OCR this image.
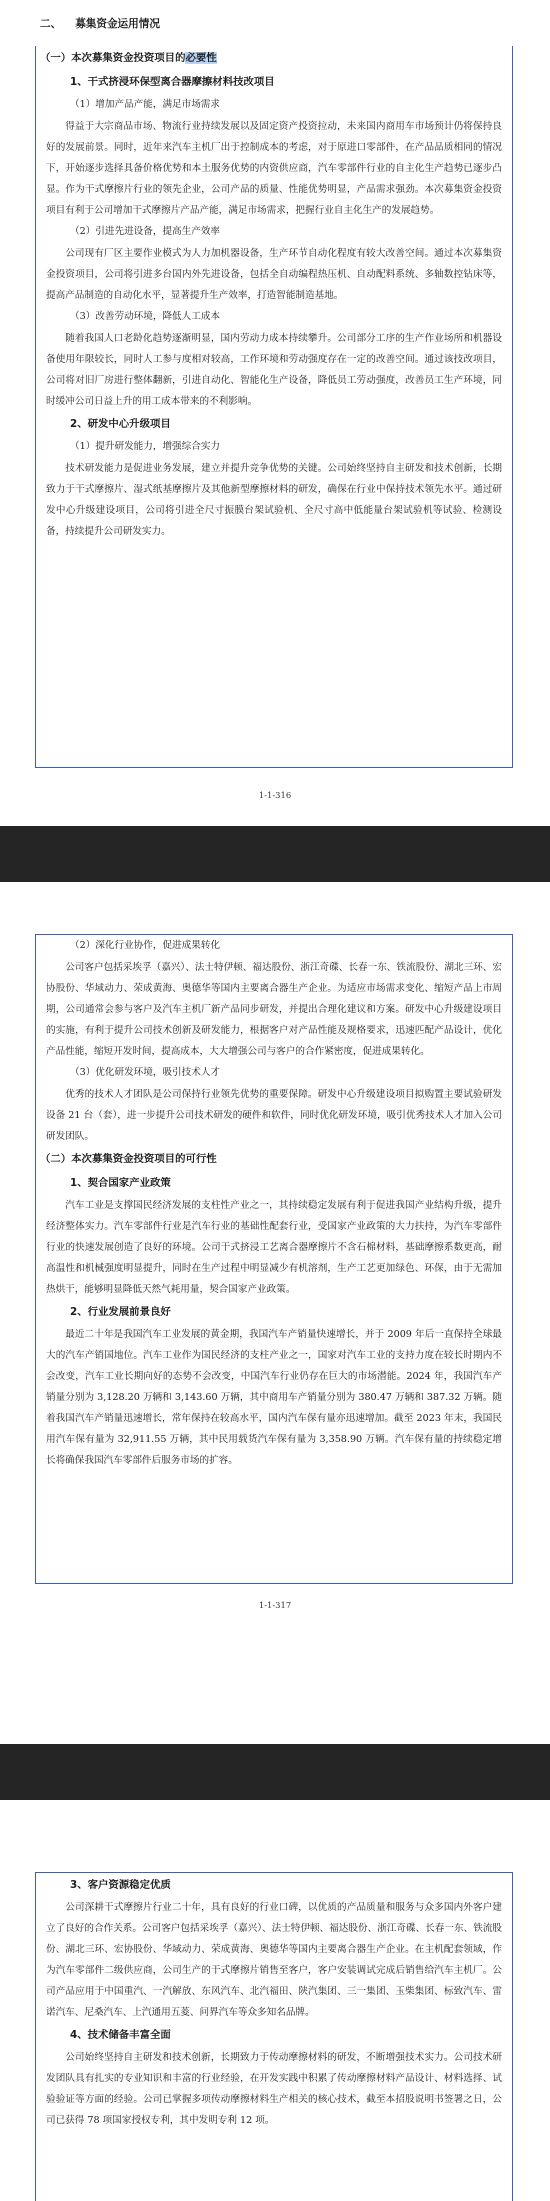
二、 募集资金运用情况
（一）本次募集资金投资项目的必要性
1、干式挤浸环保型离合器摩擦材料技改项目
（1）增加产品产能，满足市场需求

得益于大宗商品市场、物流行业持续发展以及固定资产投资拉动，未来国内商用车市场预计仍将保持良好的发展前景。同时，近年来汽车主机厂出于控制成本的考虑，对于原进口零部件，在产品品质相同的情况下，开始逐步选择具备价格优势和本土服务优势的内资供应商，汽车零部件行业的自主化生产趋势已逐步凸显。作为干式摩擦片行业的领先企业，公司产品的质量、性能优势明显，产品需求强劲。本次募集资金投资项目有利于公司增加干式摩擦片产品产能，满足市场需求，把握行业自主化生产的发展趋势。

（2）引进先进设备，提高生产效率

公司现有厂区主要作业模式为人力加机器设备，生产环节自动化程度有较大改善空间。通过本次募集资金投资项目，公司将引进多台国内外先进设备，包括全自动编程热压机、自动配料系统、多轴数控钻床等，提高产品制造的自动化水平，显著提升生产效率，打造智能制造基地。

（3）改善劳动环境，降低人工成本

随着我国人口老龄化趋势逐渐明显，国内劳动力成本持续攀升。公司部分工序的生产作业场所和机器设备使用年限较长，同时人工参与度相对较高，工作环境和劳动强度存在一定的改善空间。通过该技改项目，公司将对旧厂房进行整体翻新，引进自动化、智能化生产设备，降低员工劳动强度，改善员工生产环境，同时缓冲公司日益上升的用工成本带来的不利影响。

2、研发中心升级项目
（1）提升研发能力，增强综合实力

技术研发能力是促进业务发展，建立并提升竞争优势的关键。公司始终坚持自主研发和技术创新，长期致力于干式摩擦片、湿式纸基摩擦片及其他新型摩擦材料的研发，确保在行业中保持技术领先水平。通过研发中心升级建设项目，公司将引进全尺寸振膜台架试验机、全尺寸高中低能量台架试验机等试验、检测设备，持续提升公司研发实力。

1-1-316
（2）深化行业协作，促进成果转化

公司客户包括采埃孚（嘉兴）、法士特伊顿、福达股份、浙江奇碟、长春一东、铁流股份、湖北三环、宏协股份、华域动力、荣成黄海、奥德华等国内主要离合器生产企业。为适应市场需求变化、缩短产品上市周期，公司通常会参与客户及汽车主机厂新产品同步研发，并提出合理化建议和方案。研发中心升级建设项目的实施，有利于提升公司技术创新及研发能力，根据客户对产品性能及规格要求，迅速匹配产品设计，优化产品性能，缩短开发时间，提高成本，大大增强公司与客户的合作紧密度，促进成果转化。

（3）优化研发环境，吸引技术人才

优秀的技术人才团队是公司保持行业领先优势的重要保障。研发中心升级建设项目拟购置主要试验研发设备 21 台（套），进一步提升公司技术研发的硬件和软件，同时优化研发环境，吸引优秀技术人才加入公司研发团队。

（二）本次募集资金投资项目的可行性
1、契合国家产业政策

汽车工业是支撑国民经济发展的支柱性产业之一，其持续稳定发展有利于促进我国产业结构升级，提升经济整体实力。汽车零部件行业是汽车行业的基础性配套行业，受国家产业政策的大力扶持，为汽车零部件行业的快速发展创造了良好的环境。公司干式挤浸工艺离合器摩擦片不含石棉材料，基础摩擦系数更高，耐高温性和机械强度明显提升，同时在生产过程中明显减少有机溶剂，生产工艺更加绿色、环保，由于无需加热烘干，能够明显降低天然气耗用量，契合国家产业政策。

2、行业发展前景良好

最近二十年是我国汽车工业发展的黄金期，我国汽车产销量快速增长，并于 2009 年后一直保持全球最大的汽车产销国地位。汽车工业作为国民经济的支柱产业之一，国家对汽车工业的支持力度在较长时期内不会改变，汽车工业长期向好的态势不会改变，中国汽车行业仍存在巨大的市场潜能。2024 年，我国汽车产销量分别为 3,128.20 万辆和 3,143.60 万辆，其中商用车产销量分别为 380.47 万辆和 387.32 万辆。随着我国汽车产销量迅速增长，常年保持在较高水平，国内汽车保有量亦迅速增加。截至 2023 年末，我国民用汽车保有量为 32,911.55 万辆，其中民用载货汽车保有量为 3,358.90 万辆。汽车保有量的持续稳定增长将确保我国汽车零部件后服务市场的扩容。

1-1-317
3、客户资源稳定优质

公司深耕干式摩擦片行业二十年，具有良好的行业口碑，以优质的产品质量和服务与众多国内外客户建立了良好的合作关系。公司客户包括采埃孚（嘉兴）、法士特伊顿、福达股份、浙江奇碟、长春一东、铁流股份、湖北三环、宏协股份、华域动力、荣成黄海、奥德华等国内主要离合器生产企业。在主机配套领域，作为汽车零部件二级供应商，公司生产的干式摩擦片销售至客户，客户安装调试完成后销售给汽车主机厂。公司产品应用于中国重汽、一汽解放、东风汽车、北汽福田、陕汽集团、三一集团、玉柴集团、标致汽车、雷诺汽车、尼桑汽车、上汽通用五菱、问界汽车等众多知名品牌。

4、技术储备丰富全面

公司始终坚持自主研发和技术创新，长期致力于传动摩擦材料的研发，不断增强技术实力。公司技术研发团队具有扎实的专业知识和丰富的行业经验，在开发实践中积累了传动摩擦材料产品设计、材料选择、试验验证等方面的经验。公司已掌握多项传动摩擦材料生产相关的核心技术，截至本招股说明书签署之日，公司已获得 78 项国家授权专利，其中发明专利 12 项。
